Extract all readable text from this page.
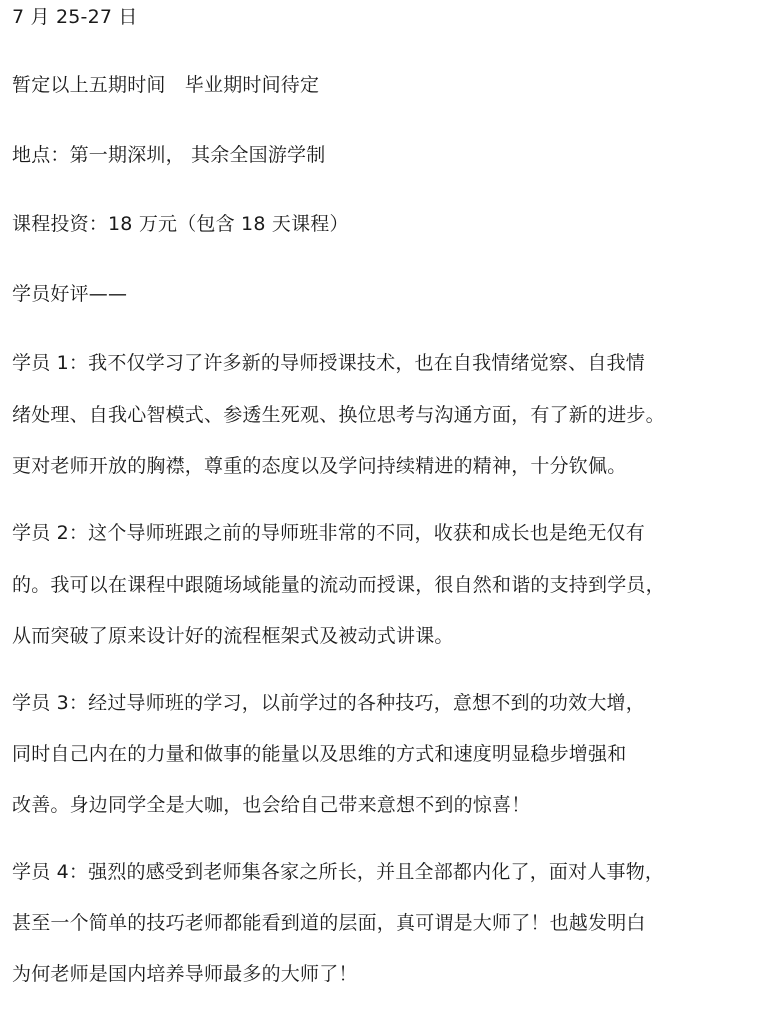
7 月 25-27 日
暂定以上五期时间　毕业期时间待定
地点：第一期深圳， 其余全国游学制
课程投资：18 万元（包含 18 天课程）
学员好评——
学员 1：我不仅学习了许多新的导师授课技术，也在自我情绪觉察、自我情
绪处理、自我心智模式、参透生死观、换位思考与沟通方面，有了新的进步。
更对老师开放的胸襟，尊重的态度以及学问持续精进的精神，十分钦佩。
学员 2：这个导师班跟之前的导师班非常的不同，收获和成长也是绝无仅有
的。我可以在课程中跟随场域能量的流动而授课，很自然和谐的支持到学员，
从而突破了原来设计好的流程框架式及被动式讲课。
学员 3：经过导师班的学习，以前学过的各种技巧，意想不到的功效大增，
同时自己内在的力量和做事的能量以及思维的方式和速度明显稳步增强和
改善。身边同学全是大咖，也会给自己带来意想不到的惊喜！
学员 4：强烈的感受到老师集各家之所长，并且全部都内化了，面对人事物，
甚至一个简单的技巧老师都能看到道的层面，真可谓是大师了！也越发明白
为何老师是国内培养导师最多的大师了！
